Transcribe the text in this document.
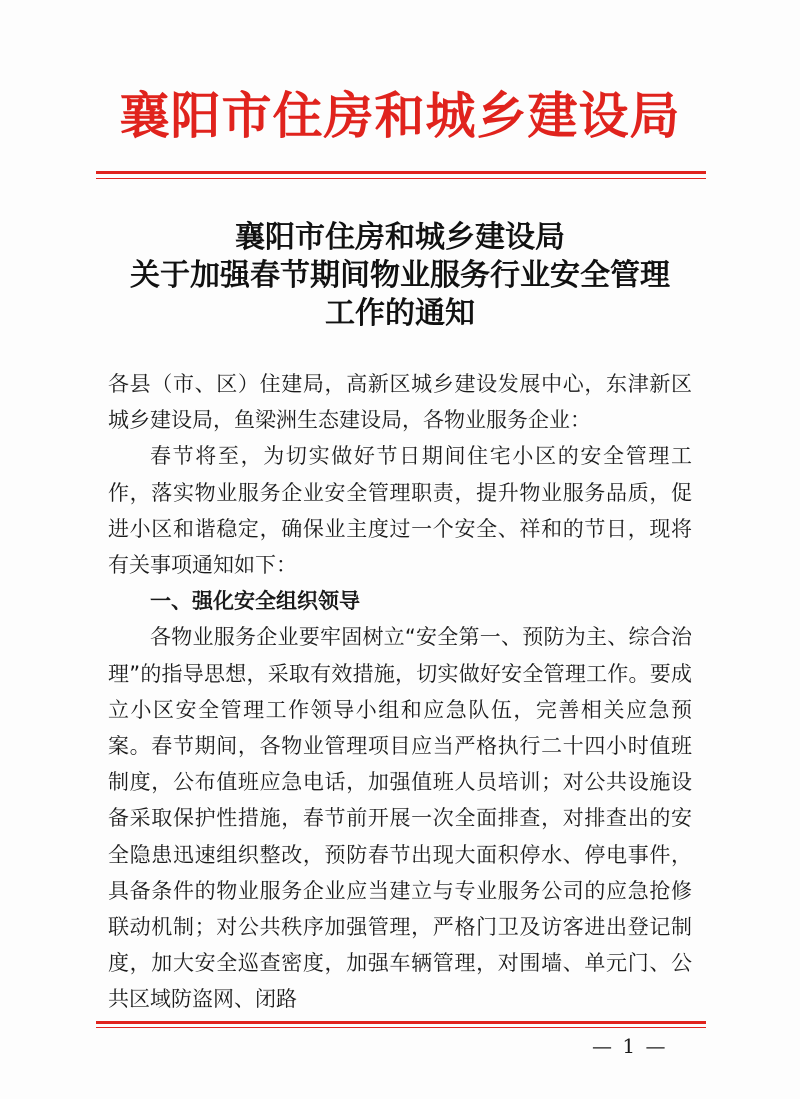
襄阳市住房和城乡建设局
襄阳市住房和城乡建设局
关于加强春节期间物业服务行业安全管理
工作的通知

各县（市、区）住建局，高新区城乡建设发展中心，东津新区城乡建设局，鱼梁洲生态建设局，各物业服务企业：

春节将至，为切实做好节日期间住宅小区的安全管理工作，落实物业服务企业安全管理职责，提升物业服务品质，促进小区和谐稳定，确保业主度过一个安全、祥和的节日，现将有关事项通知如下：

一、强化安全组织领导

各物业服务企业要牢固树立“安全第一、预防为主、综合治理”的指导思想，采取有效措施，切实做好安全管理工作。要成立小区安全管理工作领导小组和应急队伍，完善相关应急预案。春节期间，各物业管理项目应当严格执行二十四小时值班制度，公布值班应急电话，加强值班人员培训；对公共设施设备采取保护性措施，春节前开展一次全面排查，对排查出的安全隐患迅速组织整改，预防春节出现大面积停水、停电事件，具备条件的物业服务企业应当建立与专业服务公司的应急抢修联动机制；对公共秩序加强管理，严格门卫及访客进出登记制度，加大安全巡查密度，加强车辆管理，对围墙、单元门、公共区域防盗网、闭路

— 1 —
